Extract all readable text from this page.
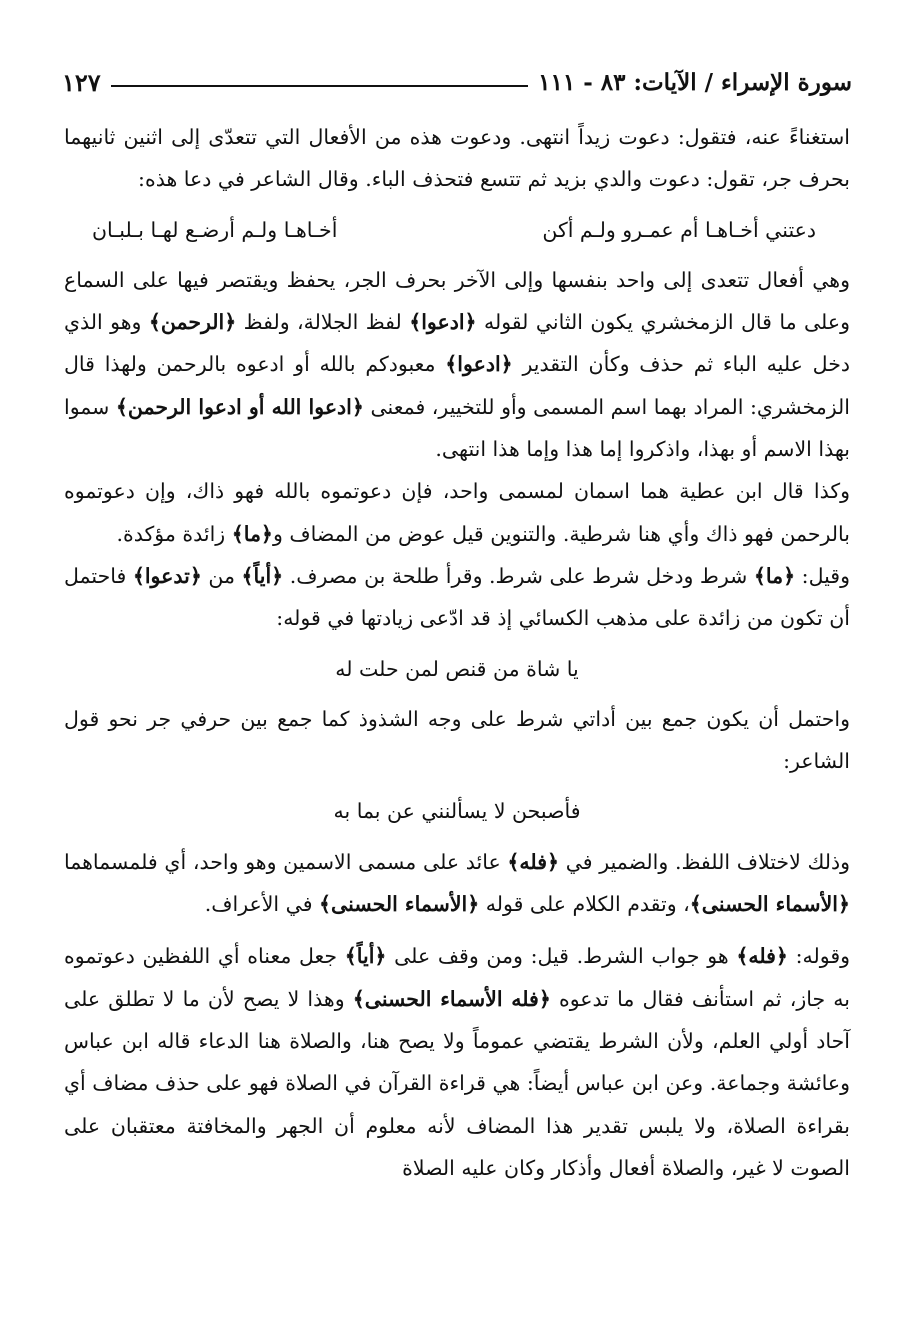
سورة الإسراء / الآيات: ٨٣ - ١١١
١٢٧

استغناءً عنه، فتقول: دعوت زيداً انتهى. ودعوت هذه من الأفعال التي تتعدّى إلى اثنين ثانيهما بحرف جر، تقول: دعوت والدي بزيد ثم تتسع فتحذف الباء. وقال الشاعر في دعا هذه:

دعتني أخـاهـا أم عمـرو ولـم أكن
أخـاهـا ولـم أرضـع لهـا بـلبـان

وهي أفعال تتعدى إلى واحد بنفسها وإلى الآخر بحرف الجر، يحفظ ويقتصر فيها على السماع وعلى ما قال الزمخشري يكون الثاني لقوله ﴿ادعوا﴾ لفظ الجلالة، ولفظ ﴿الرحمن﴾ وهو الذي دخل عليه الباء ثم حذف وكأن التقدير ﴿ادعوا﴾ معبودكم بالله أو ادعوه بالرحمن ولهذا قال الزمخشري: المراد بهما اسم المسمى وأو للتخيير، فمعنى ﴿ادعوا الله أو ادعوا الرحمن﴾ سموا بهذا الاسم أو بهذا، واذكروا إما هذا وإما هذا انتهى.

وكذا قال ابن عطية هما اسمان لمسمى واحد، فإن دعوتموه بالله فهو ذاك، وإن دعوتموه بالرحمن فهو ذاك وأي هنا شرطية. والتنوين قيل عوض من المضاف و﴿ما﴾ زائدة مؤكدة.

وقيل: ﴿ما﴾ شرط ودخل شرط على شرط. وقرأ طلحة بن مصرف. ﴿أياً﴾ من ﴿تدعوا﴾ فاحتمل أن تكون من زائدة على مذهب الكسائي إذ قد ادّعى زيادتها في قوله:

يا شاة من قنص لمن حلت له

واحتمل أن يكون جمع بين أداتي شرط على وجه الشذوذ كما جمع بين حرفي جر نحو قول الشاعر:

فأصبحن لا يسألنني عن بما به

وذلك لاختلاف اللفظ. والضمير في ﴿فله﴾ عائد على مسمى الاسمين وهو واحد، أي فلمسماهما ﴿الأسماء الحسنى﴾، وتقدم الكلام على قوله ﴿الأسماء الحسنى﴾ في الأعراف.

وقوله: ﴿فله﴾ هو جواب الشرط. قيل: ومن وقف على ﴿أياً﴾ جعل معناه أي اللفظين دعوتموه به جاز، ثم استأنف فقال ما تدعوه ﴿فله الأسماء الحسنى﴾ وهذا لا يصح لأن ما لا تطلق على آحاد أولي العلم، ولأن الشرط يقتضي عموماً ولا يصح هنا، والصلاة هنا الدعاء قاله ابن عباس وعائشة وجماعة. وعن ابن عباس أيضاً: هي قراءة القرآن في الصلاة فهو على حذف مضاف أي بقراءة الصلاة، ولا يلبس تقدير هذا المضاف لأنه معلوم أن الجهر والمخافتة معتقبان على الصوت لا غير، والصلاة أفعال وأذكار وكان عليه الصلاة
